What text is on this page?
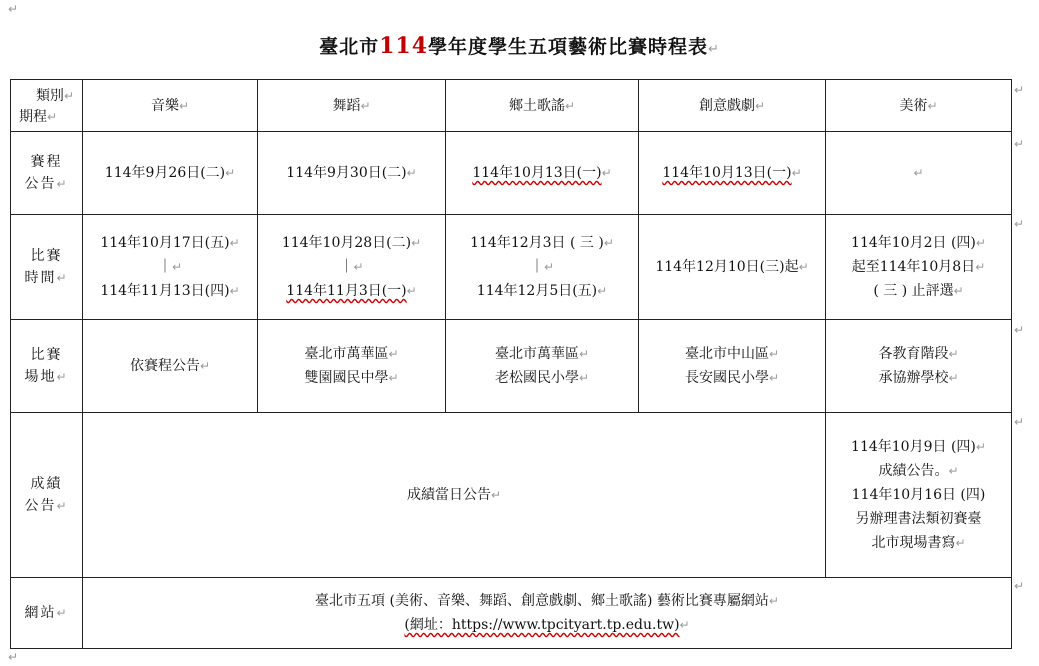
↵
臺北市114學年度學生五項藝術比賽時程表↵
類別↵
期程↵	音樂↵	舞蹈↵	鄉土歌謠↵	創意戲劇↵	美術↵
賽程
公告↵	114年9月26日(二)↵	114年9月30日(二)↵	114年10月13日(一)↵	114年10月13日(一)↵	↵
比賽
時間↵	114年10月17日(五)↵
｜↵
114年11月13日(四)↵	114年10月28日(二)↵
｜↵
114年11月3日(一)↵	114年12月3日 ( 三 )↵
｜↵
114年12月5日(五)↵	114年12月10日(三)起↵	114年10月2日 (四)↵
起至114年10月8日↵
( 三 ) 止評選↵
比賽
場地↵	依賽程公告↵	臺北市萬華區↵
雙園國民中學↵	臺北市萬華區↵
老松國民小學↵	臺北市中山區↵
長安國民小學↵	各教育階段↵
承協辦學校↵
成績
公告↵	成績當日公告↵				114年10月9日 (四)↵
成績公告。↵
114年10月16日 (四)
另辦理書法類初賽臺
北市現場書寫↵
網站↵	臺北市五項 (美術、音樂、舞蹈、創意戲劇、鄉土歌謠) 藝術比賽專屬網站↵
(網址：https://www.tpcityart.tp.edu.tw)↵				
↵
↵
↵
↵
↵
↵
↵
